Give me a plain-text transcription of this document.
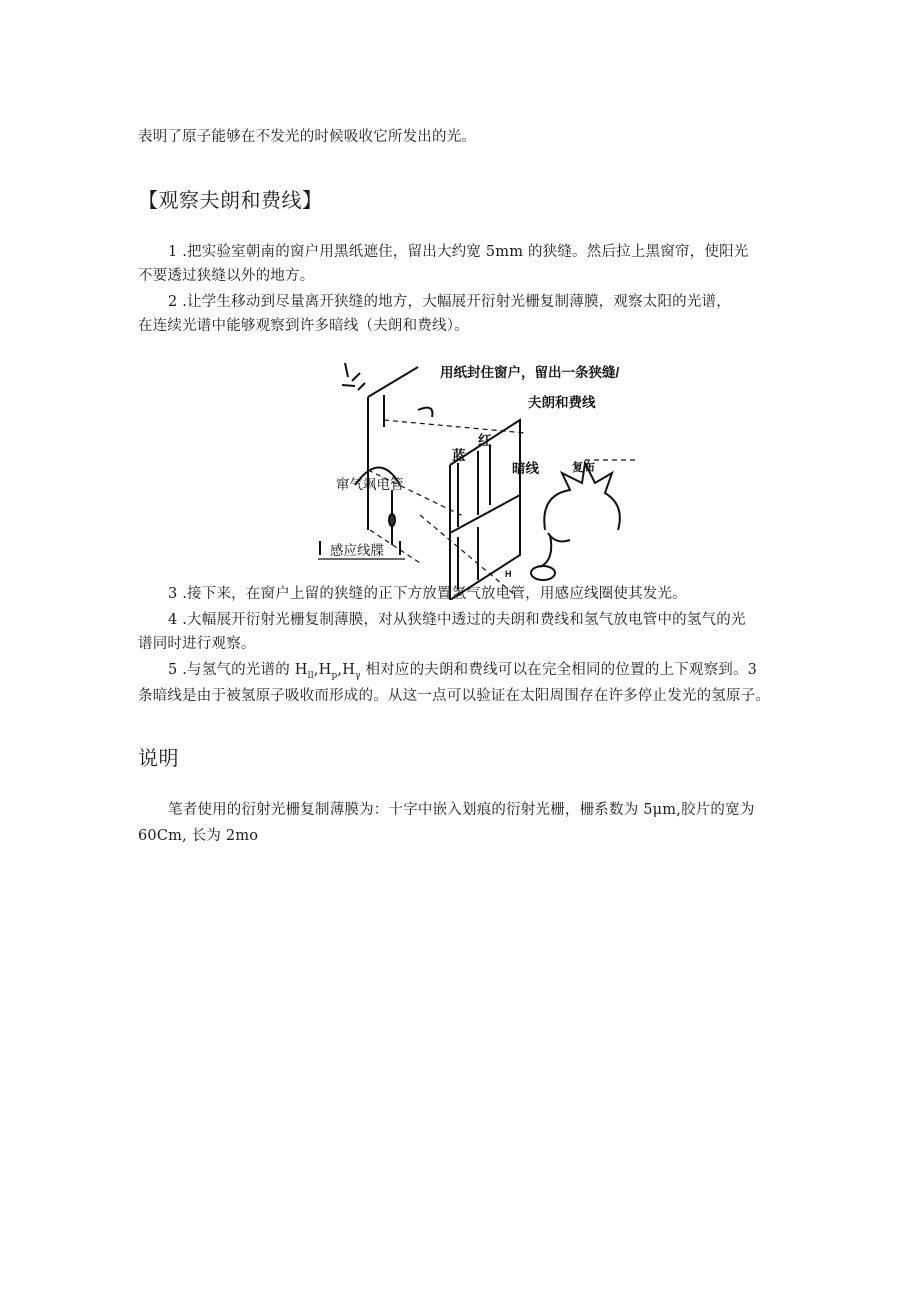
表明了原子能够在不发光的时候吸收它所发出的光。
【观察夫朗和费线】
1 .把实验室朝南的窗户用黑纸遮住，留出大约宽 5mm 的狭缝。然后拉上黑窗帘，使阳光
不要透过狭缝以外的地方。
2 .让学生移动到尽量离开狭缝的地方，大幅展开衍射光栅复制薄膜，观察太阳的光谱，
在连续光谱中能够观察到许多暗线（夫朗和费线）。
用纸封住窗户，留出一条狭缝/
夫朗和费线
蓝
红
暗线	复布
窜气飒电管
感应线牒
H
3 .接下来，在窗户上留的狭缝的正下方放置氢气放电管，用感应线圈使其发光。
4 .大幅展开衍射光栅复制薄膜，对从狭缝中透过的夫朗和费线和氢气放电管中的氢气的光
谱同时进行观察。
5 .与氢气的光谱的 $H_{ll},H_p,H_\gamma$ 相对应的夫朗和费线可以在完全相同的位置的上下观察到。3
条暗线是由于被氢原子吸收而形成的。从这一点可以验证在太阳周围存在许多停止发光的氢原子。
说明
笔者使用的衍射光栅复制薄膜为：十字中嵌入划痕的衍射光栅，栅系数为 5μm,胶片的宽为
60Cm, 长为 2mo
